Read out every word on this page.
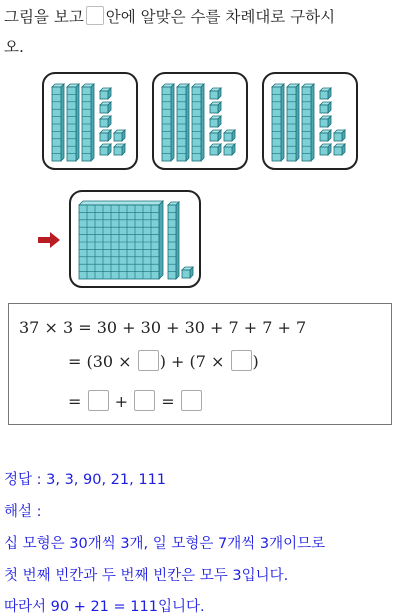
그림을 보고 안에 알맞은 수를 차례대로 구하시
오.
37 × 3 = 30 + 30 + 30 + 7 + 7 + 7
= (30 × ) + (7 × )
= + =
정답 : 3, 3, 90, 21, 111
해설 :
십 모형은 30개씩 3개, 일 모형은 7개씩 3개이므로
첫 번째 빈칸과 두 번째 빈칸은 모두 3입니다.
따라서 90 + 21 = 111입니다.
